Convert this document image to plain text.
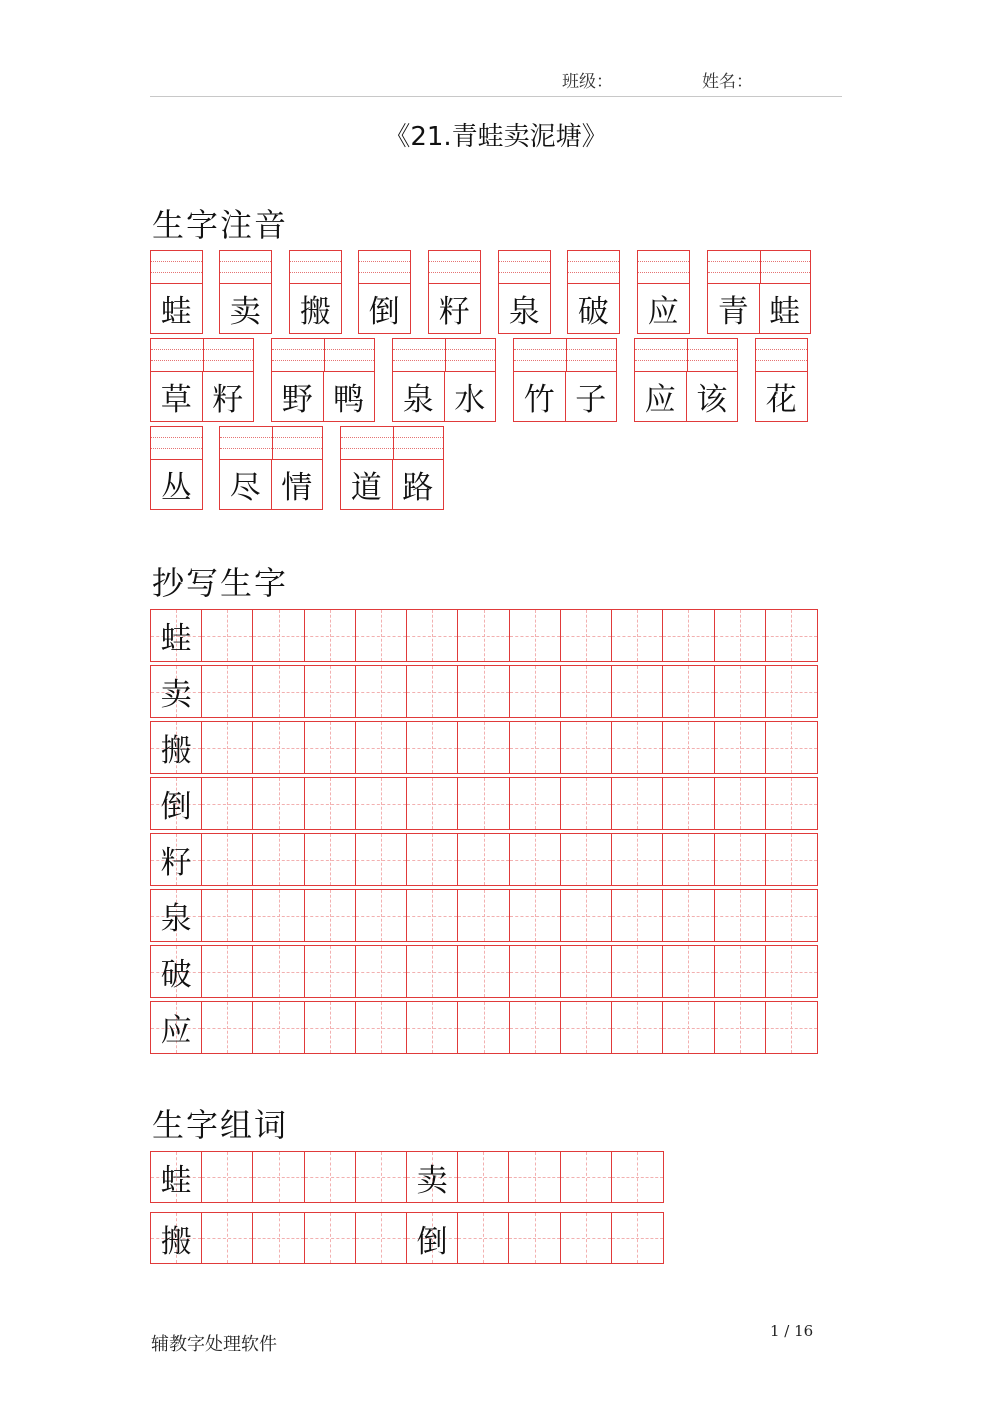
班级：	姓名：
《21.青蛙卖泥塘》
生字注音
蛙	卖	搬	倒	籽	泉	破	应	青 蛙
草 籽	野 鸭	泉 水	竹 子	应 该	花
丛	尽 情	道 路
抄写生字
蛙
卖
搬
倒
籽
泉
破
应
生字组词
蛙	卖
搬	倒
1 / 16
辅教字处理软件
